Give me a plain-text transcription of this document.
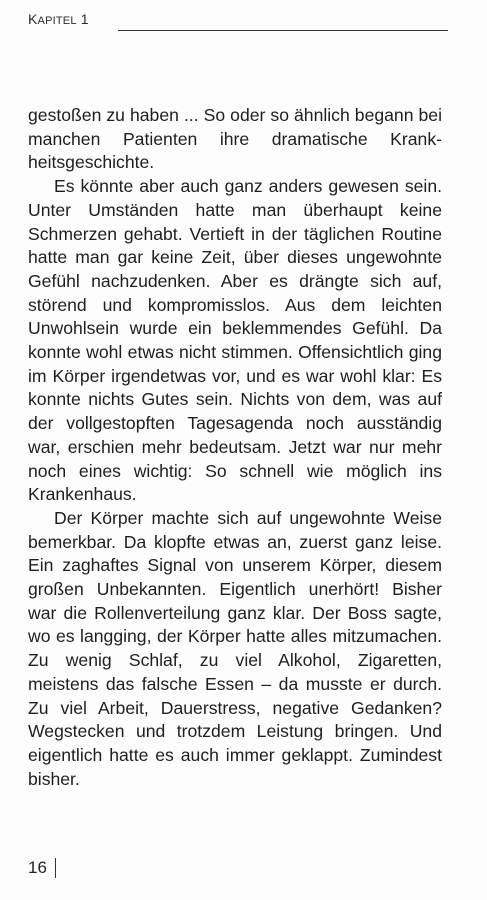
KAPITEL 1

gestoßen zu haben ... So oder so ähnlich begann bei manchen Patienten ihre dramatische Krankheitsgeschichte.

Es könnte aber auch ganz anders gewesen sein. Unter Umständen hatte man überhaupt keine Schmerzen gehabt. Vertieft in der täglichen Routine hatte man gar keine Zeit, über dieses ungewohnte Gefühl nachzudenken. Aber es drängte sich auf, störend und kompromisslos. Aus dem leichten Unwohlsein wurde ein beklemmendes Gefühl. Da konnte wohl etwas nicht stimmen. Offensichtlich ging im Körper irgendetwas vor, und es war wohl klar: Es konnte nichts Gutes sein. Nichts von dem, was auf der vollgestopften Tagesagenda noch ausständig war, erschien mehr bedeutsam. Jetzt war nur mehr noch eines wichtig: So schnell wie möglich ins Krankenhaus.

Der Körper machte sich auf ungewohnte Weise bemerkbar. Da klopfte etwas an, zuerst ganz leise. Ein zaghaftes Signal von unserem Körper, diesem großen Unbekannten. Eigentlich unerhört! Bisher war die Rollenverteilung ganz klar. Der Boss sagte, wo es langging, der Körper hatte alles mitzumachen. Zu wenig Schlaf, zu viel Alkohol, Zigaretten, meistens das falsche Essen – da musste er durch. Zu viel Arbeit, Dauerstress, negative Gedanken? Wegstecken und trotzdem Leistung bringen. Und eigentlich hatte es auch immer geklappt. Zumindest bisher.

16
